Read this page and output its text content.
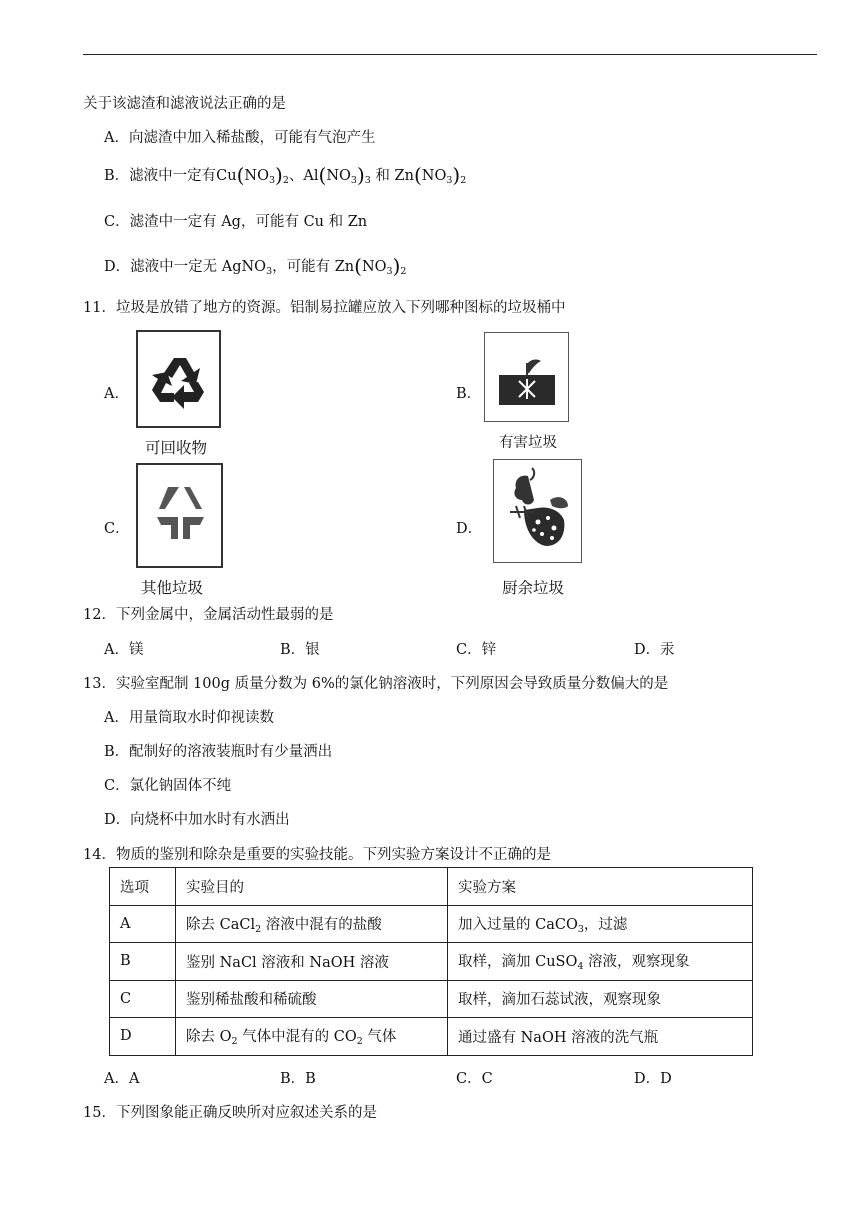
关于该滤渣和滤液说法正确的是
A．向滤渣中加入稀盐酸，可能有气泡产生
B．滤液中一定有$Cu(NO_3)_2$、$Al(NO_3)_3$ 和 $Zn(NO_3)_2$
C．滤渣中一定有 Ag，可能有 Cu 和 Zn
D．滤液中一定无 AgNO$_3$，可能有 $Zn(NO_3)_2$
11．垃圾是放错了地方的资源。铝制易拉罐应放入下列哪种图标的垃圾桶中
A．
可回收物
B．
有害垃圾
C．
其他垃圾
D．
厨余垃圾
12．下列金属中，金属活动性最弱的是
A．镁	B．银	C．锌	D．汞
13．实验室配制 100g 质量分数为 6%的氯化钠溶液时，下列原因会导致质量分数偏大的是
A．用量筒取水时仰视读数
B．配制好的溶液装瓶时有少量洒出
C．氯化钠固体不纯
D．向烧杯中加水时有水洒出
14．物质的鉴别和除杂是重要的实验技能。下列实验方案设计不正确的是
选项	实验目的	实验方案
A	除去 CaCl$_2$ 溶液中混有的盐酸	加入过量的 CaCO$_3$，过滤
B	鉴别 NaCl 溶液和 NaOH 溶液	取样，滴加 CuSO$_4$ 溶液，观察现象
C	鉴别稀盐酸和稀硫酸	取样，滴加石蕊试液，观察现象
D	除去 $O_2$ 气体中混有的 $CO_2$ 气体	通过盛有 NaOH 溶液的洗气瓶
A．A	B．B	C．C	D．D
15．下列图象能正确反映所对应叙述关系的是
